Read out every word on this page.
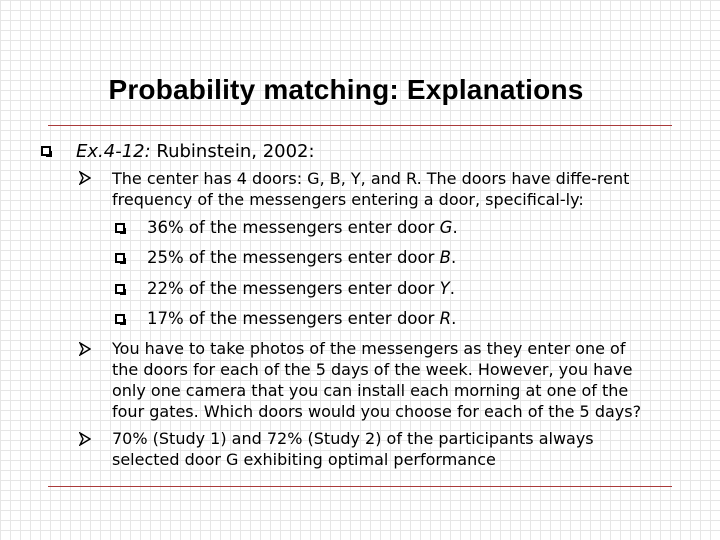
Probability matching: Explanations
Ex.4-12: Rubinstein, 2002:
The center has 4 doors: G, B, Y, and R. The doors have diffe-rent
frequency of the messengers entering a door, specifical-ly:
36% of the messengers enter door G.
25% of the messengers enter door B.
22% of the messengers enter door Y.
17% of the messengers enter door R.
You have to take photos of the messengers as they enter one of
the doors for each of the 5 days of the week. However, you have
only one camera that you can install each morning at one of the
four gates. Which doors would you choose for each of the 5 days?
70% (Study 1) and 72% (Study 2) of the participants always
selected door G exhibiting optimal performance
